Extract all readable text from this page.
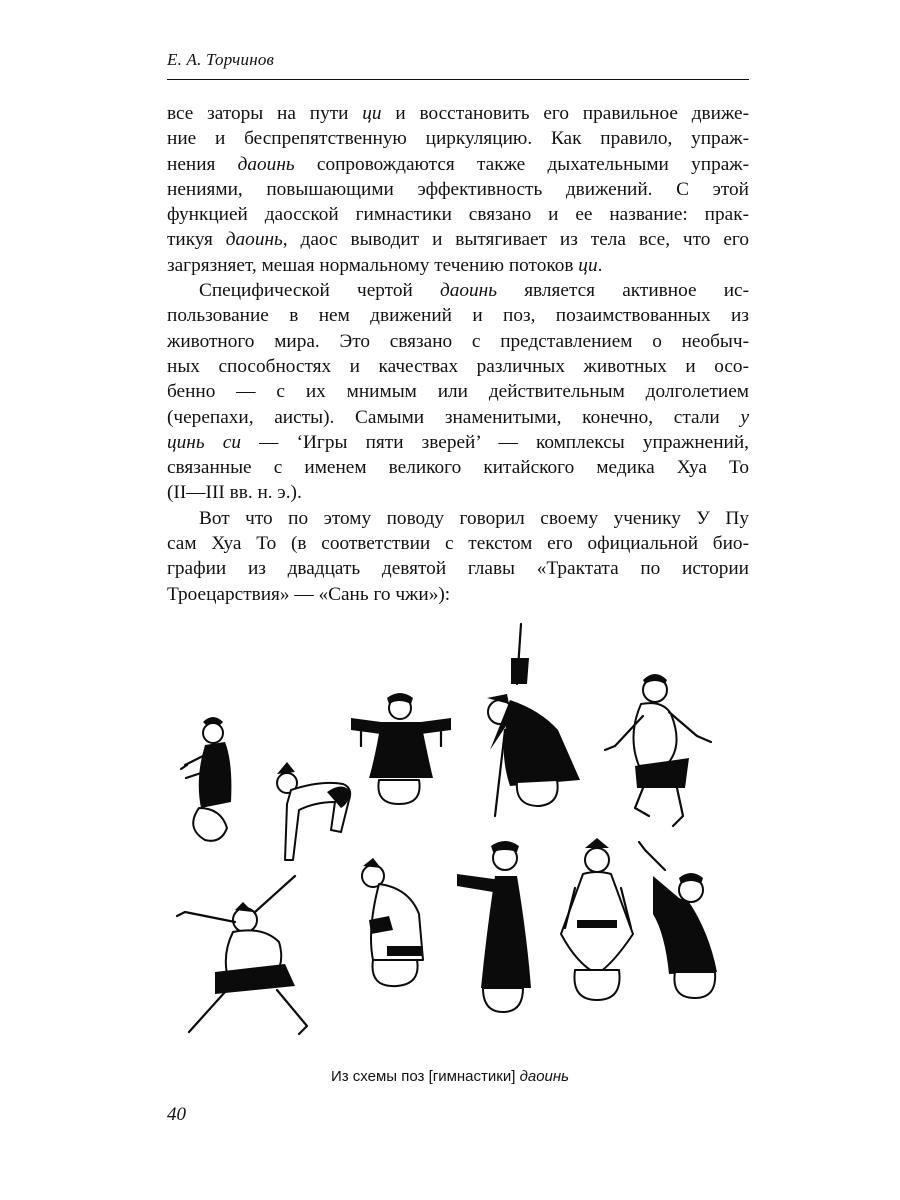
Е. А. Торчинов

все заторы на пути ци и восстановить его правильное движе-
ние и беспрепятственную циркуляцию. Как правило, упраж-
нения даоинь сопровождаются также дыхательными упраж-
нениями, повышающими эффективность движений. С этой
функцией даосской гимнастики связано и ее название: прак-
тикуя даоинь, даос выводит и вытягивает из тела все, что его
загрязняет, мешая нормальному течению потоков ци.

Специфической чертой даоинь является активное ис-
пользование в нем движений и поз, позаимствованных из
животного мира. Это связано с представлением о необыч-
ных способностях и качествах различных животных и осо-
бенно — с их мнимым или действительным долголетием
(черепахи, аисты). Самыми знаменитыми, конечно, стали у
цинь си — ‘Игры пяти зверей’ — комплексы упражнений,
связанные с именем великого китайского медика Хуа То
(II—III вв. н. э.).

Вот что по этому поводу говорил своему ученику У Пу
сам Хуа То (в соответствии с текстом его официальной био-
графии из двадцать девятой главы «Трактата по истории
Троецарствия» — «Сань го чжи»):

Из схемы поз [гимнастики] даоинь
40
